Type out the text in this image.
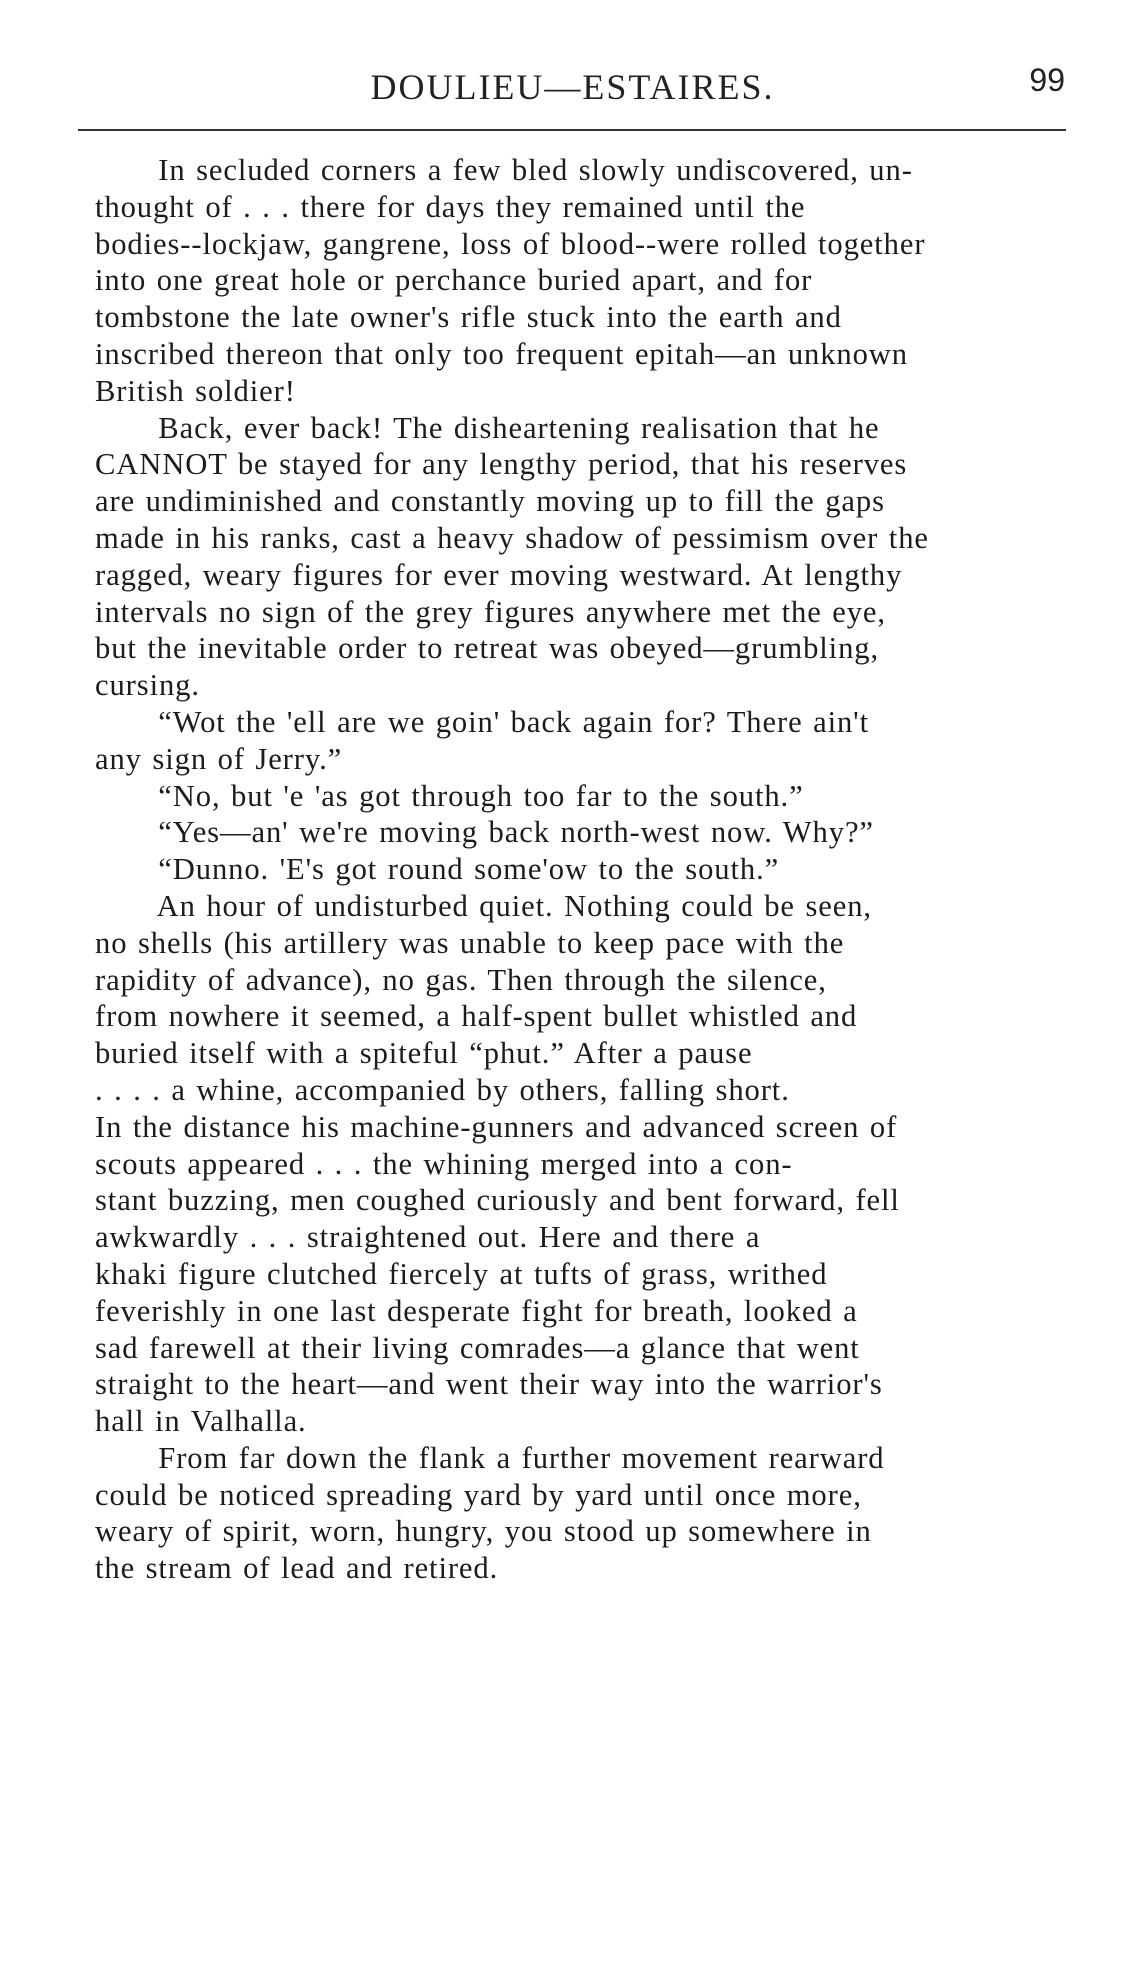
DOULIEU—ESTAIRES.	99
In secluded corners a few bled slowly undiscovered, un-
thought of . . . there for days they remained until the
bodies--lockjaw, gangrene, loss of blood--were rolled together
into one great hole or perchance buried apart, and for
tombstone the late owner's rifle stuck into the earth and
inscribed thereon that only too frequent epitah—an unknown
British soldier!
Back, ever back! The disheartening realisation that he
CANNOT be stayed for any lengthy period, that his reserves
are undiminished and constantly moving up to fill the gaps
made in his ranks, cast a heavy shadow of pessimism over the
ragged, weary figures for ever moving westward. At lengthy
intervals no sign of the grey figures anywhere met the eye,
but the inevitable order to retreat was obeyed—grumbling,
cursing.
“Wot the 'ell are we goin' back again for? There ain't
any sign of Jerry.”
“No, but 'e 'as got through too far to the south.”
“Yes—an' we're moving back north-west now. Why?”
“Dunno. 'E's got round some'ow to the south.”
An hour of undisturbed quiet. Nothing could be seen,
no shells (his artillery was unable to keep pace with the
rapidity of advance), no gas. Then through the silence,
from nowhere it seemed, a half-spent bullet whistled and
buried itself with a spiteful “phut.” After a pause
. . . . a whine, accompanied by others, falling short.
In the distance his machine-gunners and advanced screen of
scouts appeared . . . the whining merged into a con-
stant buzzing, men coughed curiously and bent forward, fell
awkwardly . . . straightened out. Here and there a
khaki figure clutched fiercely at tufts of grass, writhed
feverishly in one last desperate fight for breath, looked a
sad farewell at their living comrades—a glance that went
straight to the heart—and went their way into the warrior's
hall in Valhalla.
From far down the flank a further movement rearward
could be noticed spreading yard by yard until once more,
weary of spirit, worn, hungry, you stood up somewhere in
the stream of lead and retired.
